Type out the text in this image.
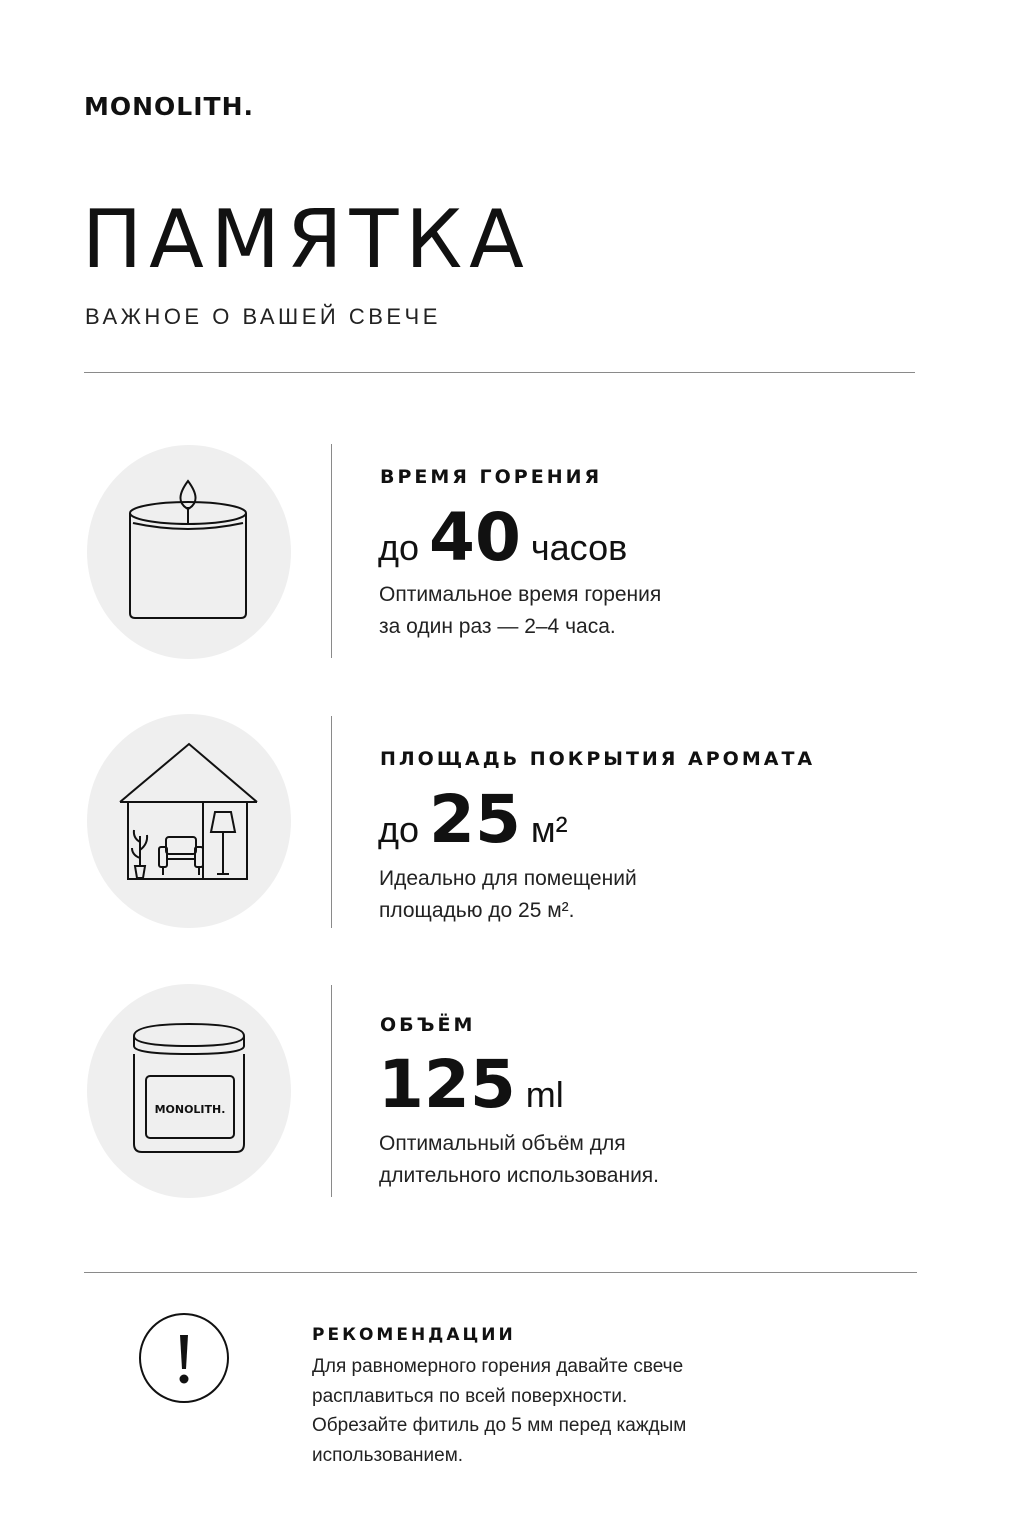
MONOLITH.
ПАМЯТКА
ВАЖНОЕ О ВАШЕЙ СВЕЧЕ
ВРЕМЯ ГОРЕНИЯ
до 40 часов
Оптимальное время горения
за один раз — 2–4 часа.
ПЛОЩАДЬ ПОКРЫТИЯ АРОМАТА
до 25 м²
Идеально для помещений
площадью до 25 м².
MONOLITH.
ОБЪЁМ
125 ml
Оптимальный объём для
длительного использования.
РЕКОМЕНДАЦИИ
Для равномерного горения давайте свече
расплавиться по всей поверхности.
Обрезайте фитиль до 5 мм перед каждым
использованием.
